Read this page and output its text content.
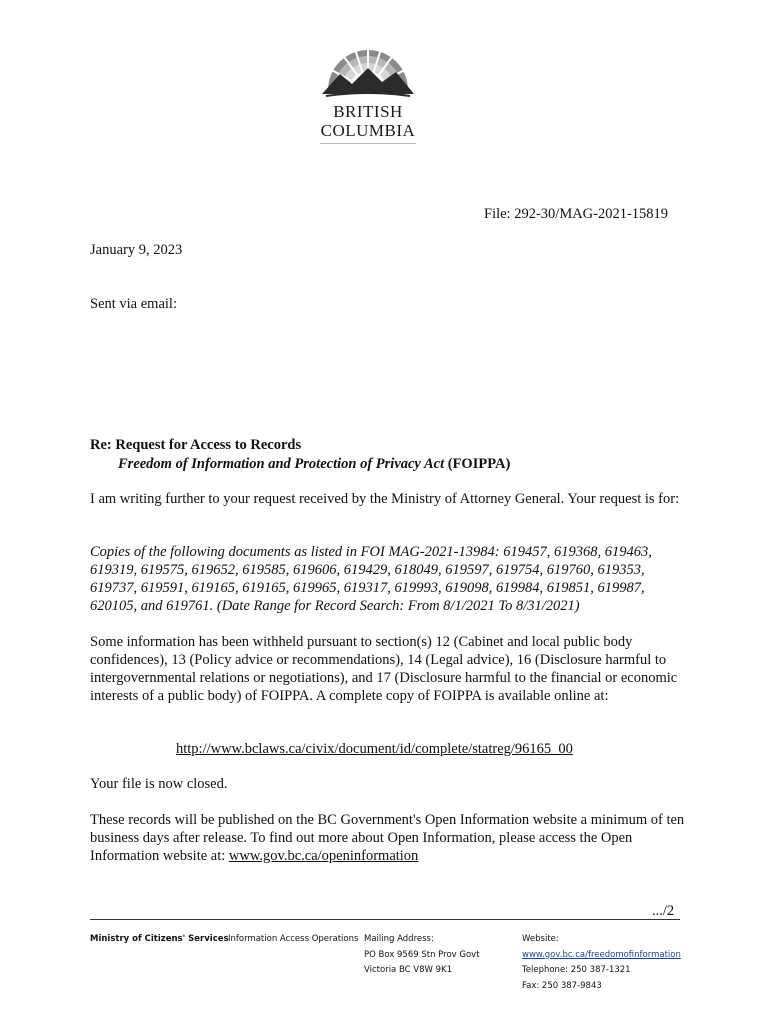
BRITISH
COLUMBIA
File: 292-30/MAG-2021-15819
January 9, 2023
Sent via email:
Re: Request for Access to Records
Freedom of Information and Protection of Privacy Act (FOIPPA)
I am writing further to your request received by the Ministry of Attorney General. Your request is for:
Copies of the following documents as listed in FOI MAG-2021-13984: 619457, 619368, 619463, 619319, 619575, 619652, 619585, 619606, 619429, 618049, 619597, 619754, 619760, 619353, 619737, 619591, 619165, 619165, 619965, 619317, 619993, 619098, 619984, 619851, 619987, 620105, and 619761. (Date Range for Record Search: From 8/1/2021 To 8/31/2021)
Some information has been withheld pursuant to section(s) 12 (Cabinet and local public body confidences), 13 (Policy advice or recommendations), 14 (Legal advice), 16 (Disclosure harmful to intergovernmental relations or negotiations), and 17 (Disclosure harmful to the financial or economic interests of a public body) of FOIPPA. A complete copy of FOIPPA is available online at:
http://www.bclaws.ca/civix/document/id/complete/statreg/96165_00
Your file is now closed.
These records will be published on the BC Government's Open Information website a minimum of ten business days after release. To find out more about Open Information, please access the Open Information website at: www.gov.bc.ca/openinformation
.../2
Ministry of Citizens' Services Information Access Operations Mailing Address:
PO Box 9569 Stn Prov Govt
Victoria BC V8W 9K1
Website:
www.gov.bc.ca/freedomofinformation
Telephone: 250 387-1321
Fax: 250 387-9843
